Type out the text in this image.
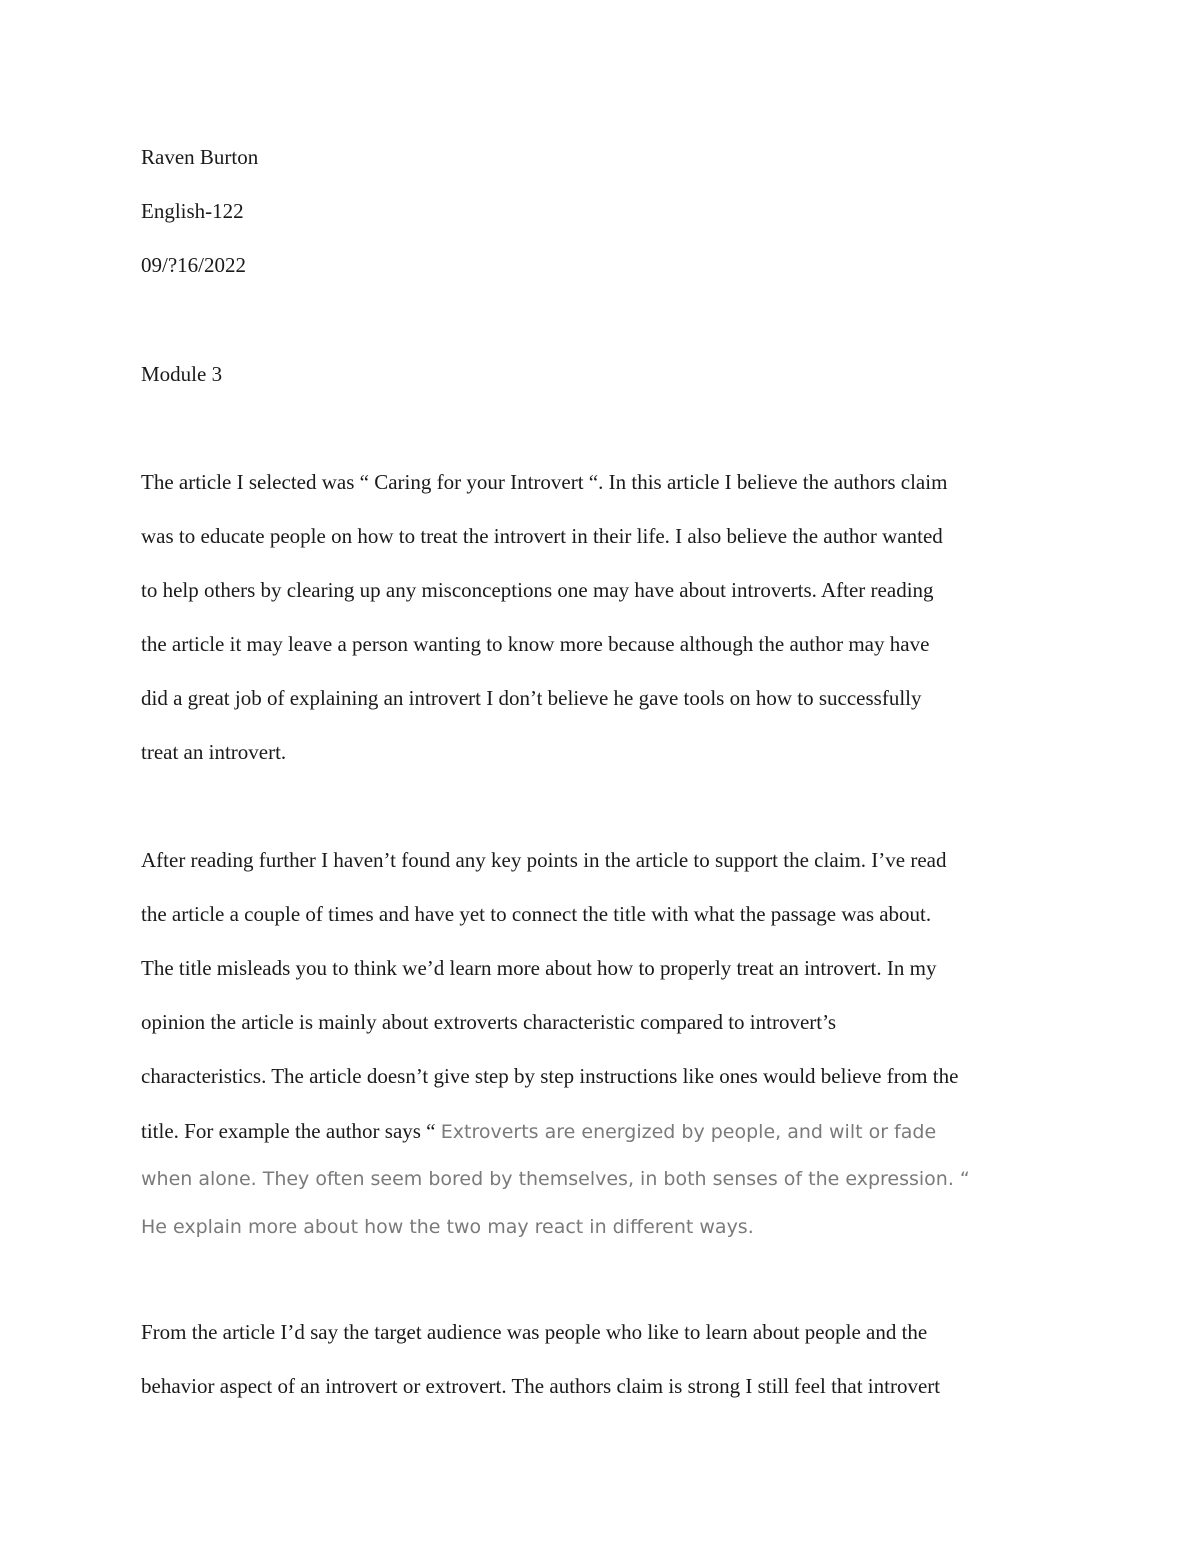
Raven Burton
English-122
09/?16/2022
Module 3
The article I selected was “ Caring for your Introvert “. In this article I believe the authors claim
was to educate people on how to treat the introvert in their life. I also believe the author wanted
to help others by clearing up any misconceptions one may have about introverts. After reading
the article it may leave a person wanting to know more because although the author may have
did a great job of explaining an introvert I don’t believe he gave tools on how to successfully
treat an introvert.
After reading further I haven’t found any key points in the article to support the claim. I’ve read
the article a couple of times and have yet to connect the title with what the passage was about.
The title misleads you to think we’d learn more about how to properly treat an introvert. In my
opinion the article is mainly about extroverts characteristic compared to introvert’s
characteristics. The article doesn’t give step by step instructions like ones would believe from the
title. For example the author says “ Extroverts are energized by people, and wilt or fade
when alone. They often seem bored by themselves, in both senses of the expression. “
He explain more about how the two may react in different ways.
From the article I’d say the target audience was people who like to learn about people and the
behavior aspect of an introvert or extrovert. The authors claim is strong I still feel that introvert
